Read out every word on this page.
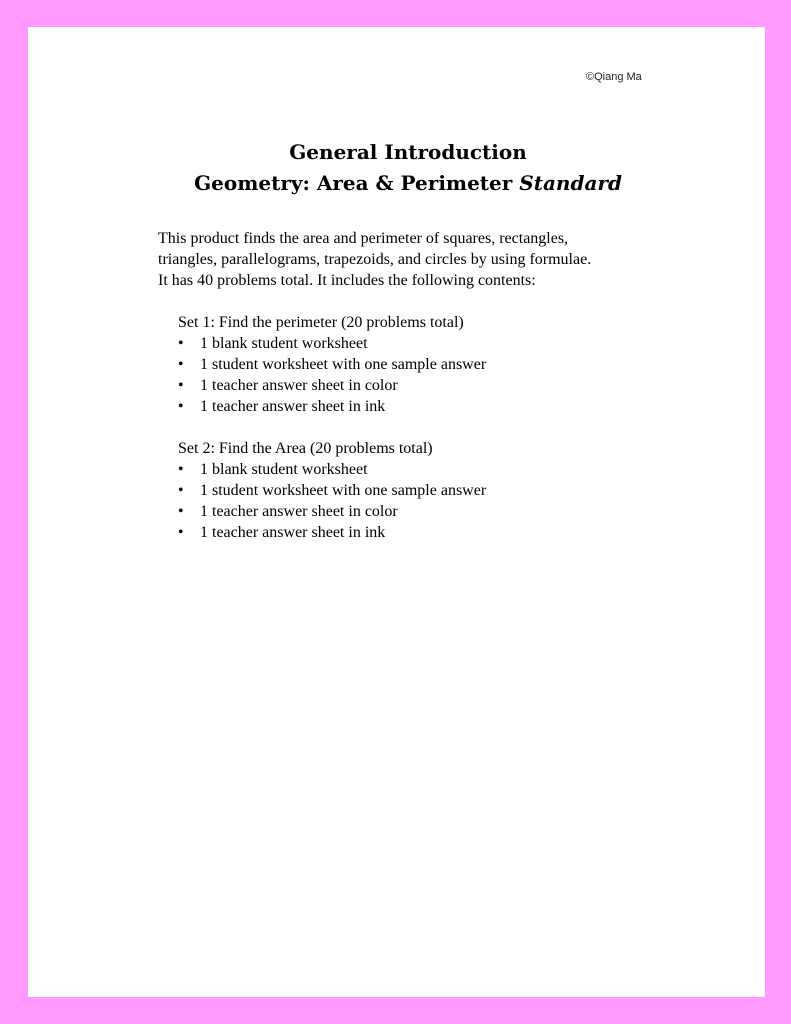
©Qiang Ma
General Introduction
Geometry: Area & Perimeter Standard

This product finds the area and perimeter of squares, rectangles,

triangles, parallelograms, trapezoids, and circles by using formulae.

It has 40 problems total. It includes the following contents:

Set 1: Find the perimeter (20 problems total)
• 1 blank student worksheet
• 1 student worksheet with one sample answer
• 1 teacher answer sheet in color
• 1 teacher answer sheet in ink
Set 2: Find the Area (20 problems total)
• 1 blank student worksheet
• 1 student worksheet with one sample answer
• 1 teacher answer sheet in color
• 1 teacher answer sheet in ink
